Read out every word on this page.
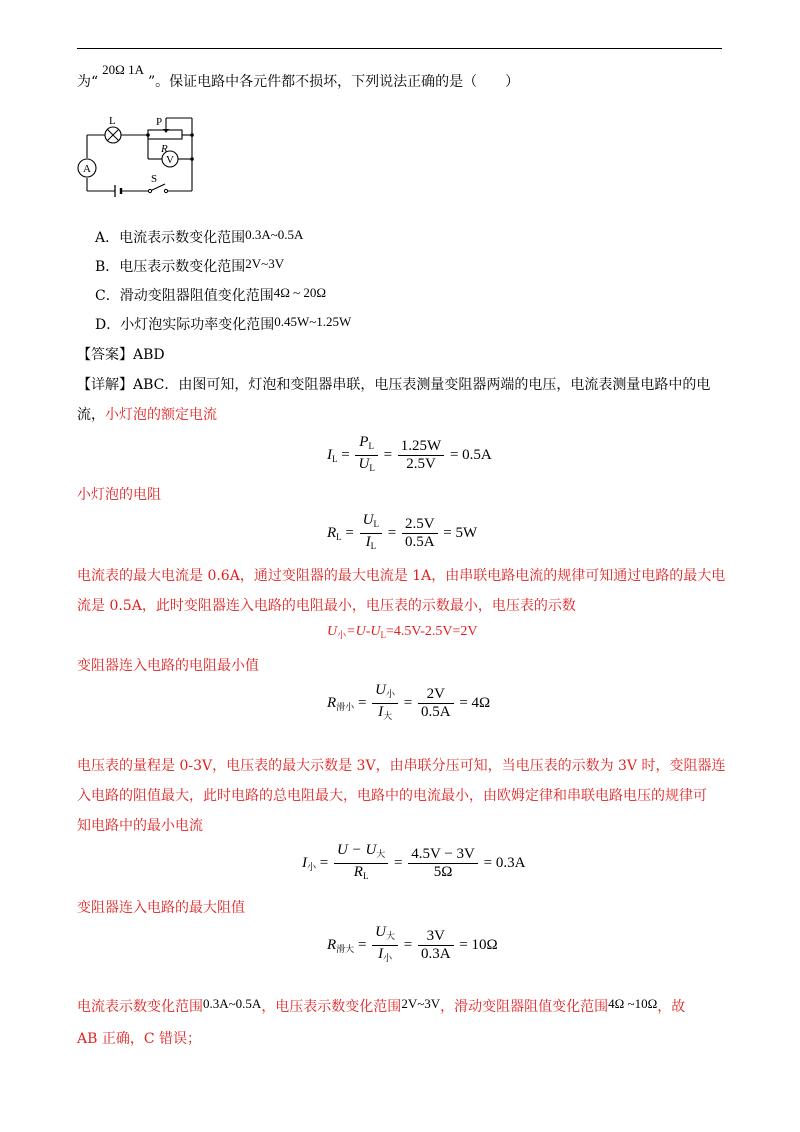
为“20Ω 1A”。保证电路中各元件都不损坏，下列说法正确的是（　　）
L	P
R
A
V
S
A．电流表示数变化范围0.3A~0.5A
B．电压表示数变化范围2V~3V
C．滑动变阻器阻值变化范围4Ω ~ 20Ω
D．小灯泡实际功率变化范围0.45W~1.25W
【答案】ABD
【详解】ABC．由图可知，灯泡和变阻器串联，电压表测量变阻器两端的电压，电流表测量电路中的电
流，小灯泡的额定电流
$I_L = \frac{P_L}{U_L} = \frac{1.25W}{2.5V} = 0.5A$
小灯泡的电阻
$R_L = \frac{U_L}{I_L} = \frac{2.5V}{0.5A} = 5W$
电流表的最大电流是 0.6A，通过变阻器的最大电流是 1A，由串联电路电流的规律可知通过电路的最大电
流是 0.5A，此时变阻器连入电路的电阻最小，电压表的示数最小，电压表的示数
$U_小=U-U_L=4.5V-2.5V=2V$
变阻器连入电路的电阻最小值
$R_{滑小} = \frac{U_小}{I_大} = \frac{2V}{0.5A} = 4\Omega$
电压表的量程是 0-3V，电压表的最大示数是 3V，由串联分压可知，当电压表的示数为 3V 时，变阻器连
入电路的阻值最大，此时电路的总电阻最大，电路中的电流最小，由欧姆定律和串联电路电压的规律可
知电路中的最小电流
$I_小 = \frac{U - U_大}{R_L} = \frac{4.5V - 3V}{5\Omega} = 0.3A$
变阻器连入电路的最大阻值
$R_{滑大} = \frac{U_大}{I_小} = \frac{3V}{0.3A} = 10\Omega$
电流表示数变化范围0.3A~0.5A，电压表示数变化范围2V~3V，滑动变阻器阻值变化范围4Ω ~10Ω，故
AB 正确，C 错误；
